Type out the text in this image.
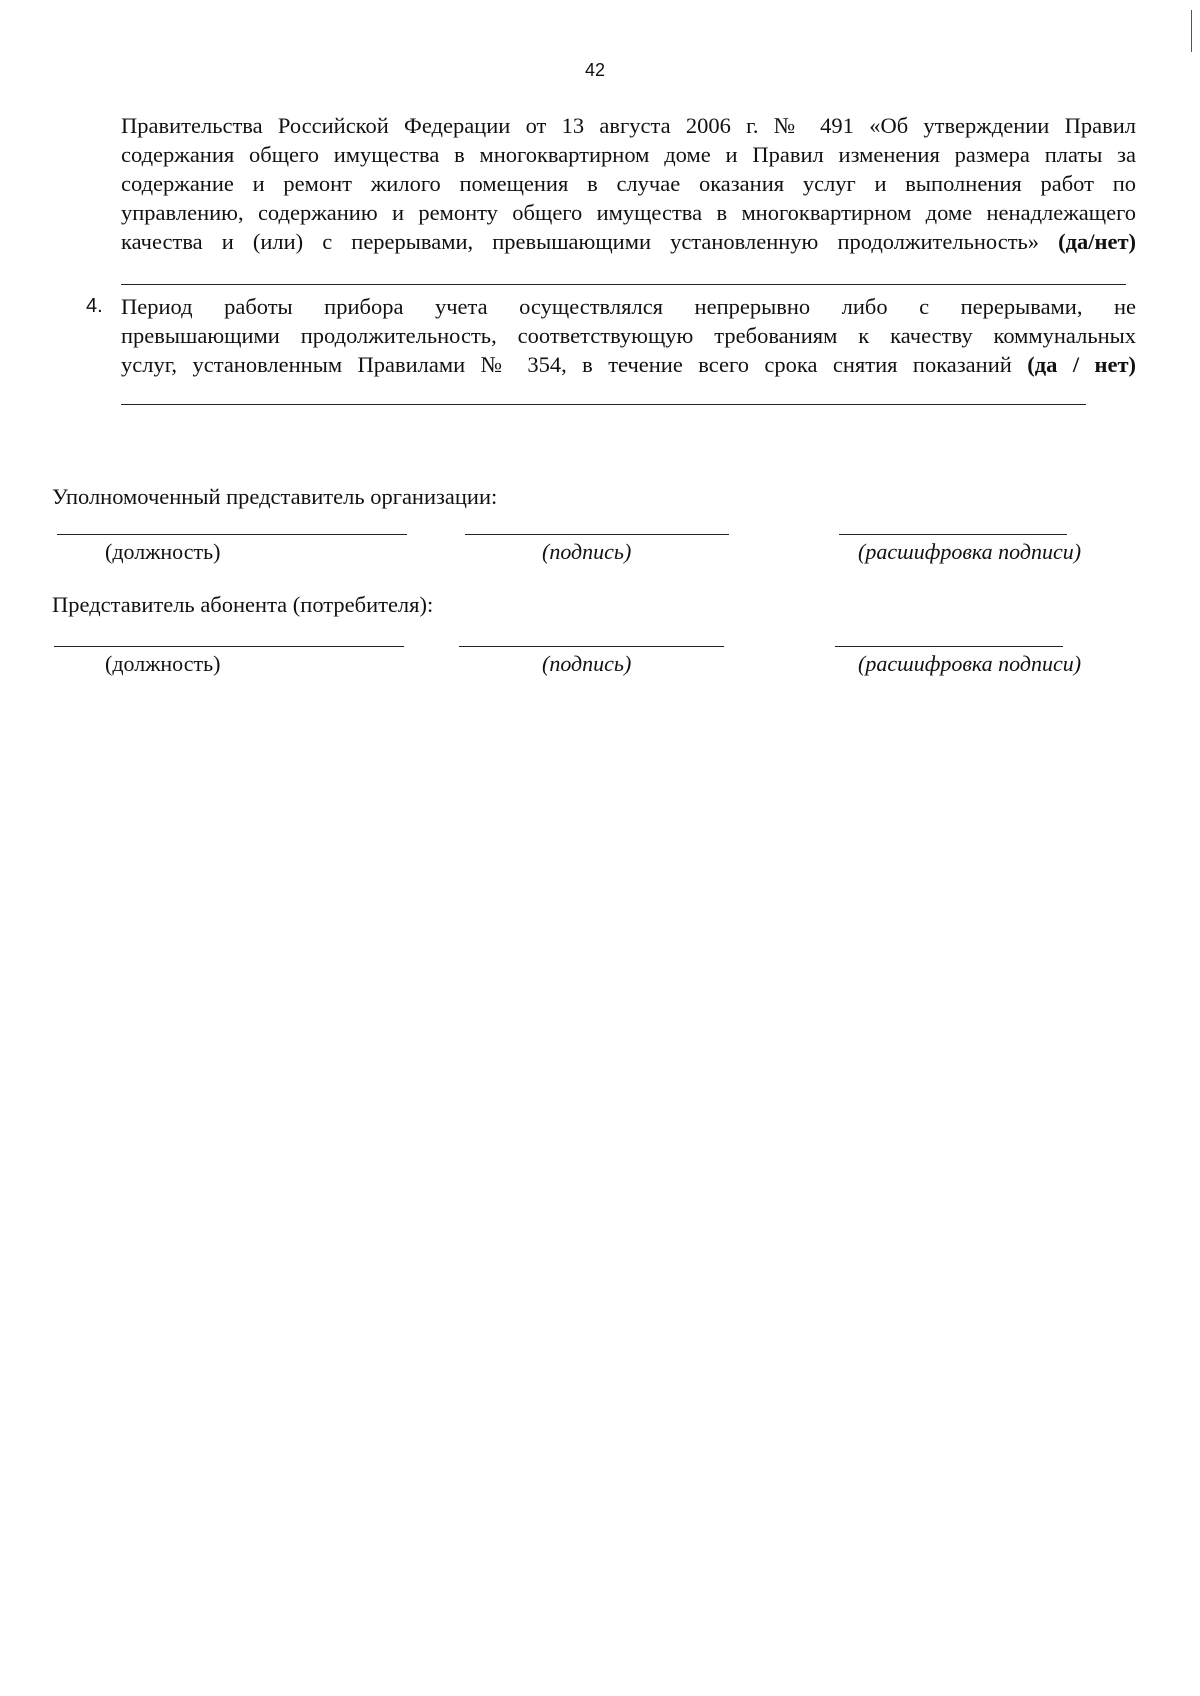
42
Правительства Российской Федерации от 13 августа 2006 г. № 491 «Об утверждении Правил
содержания общего имущества в многоквартирном доме и Правил изменения размера платы за
содержание и ремонт жилого помещения в случае оказания услуг и выполнения работ по
управлению, содержанию и ремонту общего имущества в многоквартирном доме ненадлежащего
качества и (или) с перерывами, превышающими установленную продолжительность» (да/нет)
4. Период работы прибора учета осуществлялся непрерывно либо с перерывами, не
превышающими продолжительность, соответствующую требованиям к качеству коммунальных
услуг, установленным Правилами № 354, в течение всего срока снятия показаний (да / нет)
Уполномоченный представитель организации:
(должность)	(подпись)	(расшифровка подписи)
Представитель абонента (потребителя):
(должность)	(подпись)	(расшифровка подписи)
